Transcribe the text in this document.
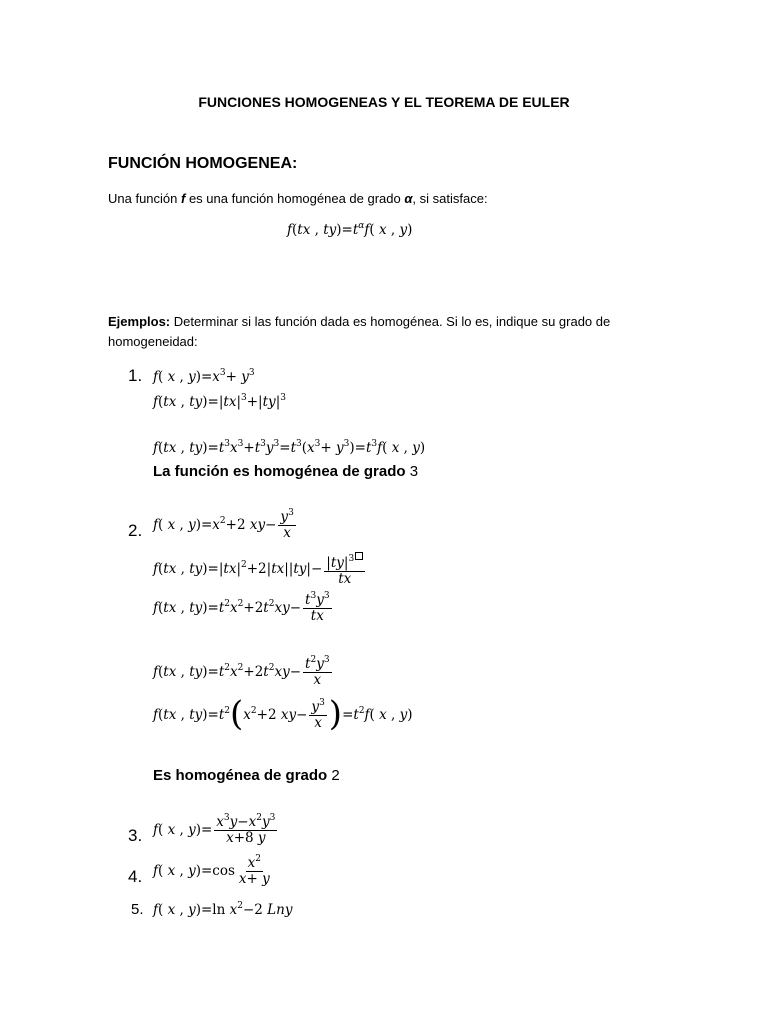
FUNCIONES HOMOGENEAS Y EL TEOREMA DE EULER
FUNCIÓN HOMOGENEA:
Una función f es una función homogénea de grado α, si satisface:
f(tx , $ty)=t^\alpha f$( x , y)
Ejemplos: Determinar si las función dada es homogénea. Si lo es, indique su grado de
homogeneidad:
1. f( x , $y)=x^3+ y^3$
f(tx , $ty)=|tx|^3+|ty|^3$
f(tx , $ty)=t^3x^3+t^3y^3=t^3(x^3+ y^3)=t^3f$( x , y)
La función es homogénea de grado 3
2. f( x , $y)=x^2+2$ $xy- \frac{y^3}{x}$
f(tx , $ty)=|tx|^2+2|tx||ty|- \frac{|ty|^3}{tx}$
f(tx , $ty)=t^2x^2+2t^2xy- \frac{t^3y^3}{tx}$
f(tx , $ty)=t^2x^2+2t^2xy- \frac{t^2y^3}{x}$
f(tx , $ty)=t^2(x^2+2$ $xy- \frac{y^3}{x} )=t^2f$( x , y)
Es homogénea de grado 2
3. f( x , $y)= \frac{x^3y-x^2y^3}{x+8 y}$
4. f( x , $y)=\cos \frac{x^2}{x+ y}$
5. f( x , y)=ln $x^2-2$ Lny
